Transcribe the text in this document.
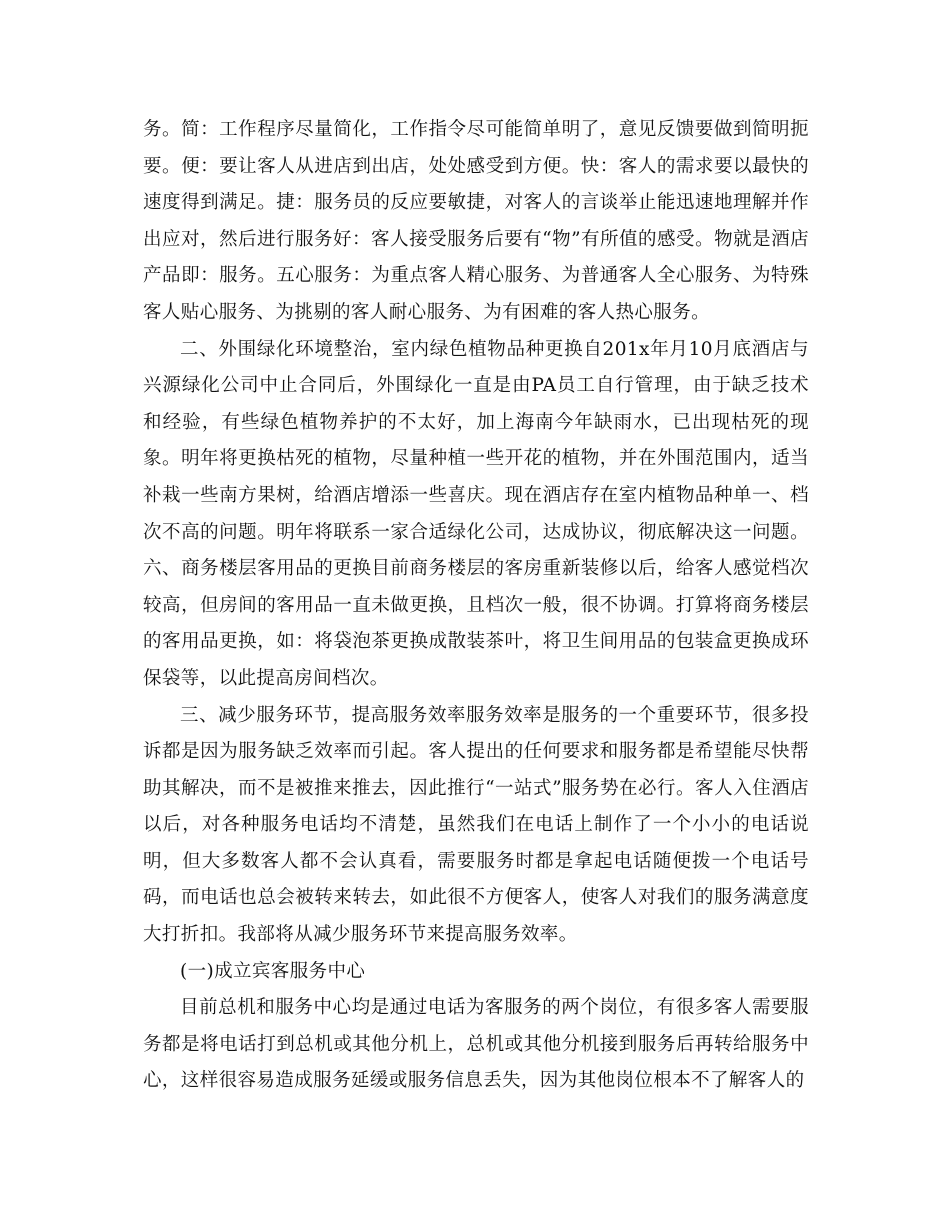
务。简：工作程序尽量简化，工作指令尽可能简单明了，意见反馈要做到简明扼要。便：要让客人从进店到出店，处处感受到方便。快：客人的需求要以最快的速度得到满足。捷：服务员的反应要敏捷，对客人的言谈举止能迅速地理解并作出应对，然后进行服务好：客人接受服务后要有“物”有所值的感受。物就是酒店产品即：服务。五心服务：为重点客人精心服务、为普通客人全心服务、为特殊客人贴心服务、为挑剔的客人耐心服务、为有困难的客人热心服务。

二、外围绿化环境整治，室内绿色植物品种更换自201x年月10月底酒店与兴源绿化公司中止合同后，外围绿化一直是由PA员工自行管理，由于缺乏技术和经验，有些绿色植物养护的不太好，加上海南今年缺雨水，已出现枯死的现象。明年将更换枯死的植物，尽量种植一些开花的植物，并在外围范围内，适当补栽一些南方果树，给酒店增添一些喜庆。现在酒店存在室内植物品种单一、档次不高的问题。明年将联系一家合适绿化公司，达成协议，彻底解决这一问题。六、商务楼层客用品的更换目前商务楼层的客房重新装修以后，给客人感觉档次较高，但房间的客用品一直未做更换，且档次一般，很不协调。打算将商务楼层的客用品更换，如：将袋泡茶更换成散装茶叶，将卫生间用品的包装盒更换成环保袋等，以此提高房间档次。

三、减少服务环节，提高服务效率服务效率是服务的一个重要环节，很多投诉都是因为服务缺乏效率而引起。客人提出的任何要求和服务都是希望能尽快帮助其解决，而不是被推来推去，因此推行“一站式”服务势在必行。客人入住酒店以后，对各种服务电话均不清楚，虽然我们在电话上制作了一个小小的电话说明，但大多数客人都不会认真看，需要服务时都是拿起电话随便拨一个电话号码，而电话也总会被转来转去，如此很不方便客人，使客人对我们的服务满意度大打折扣。我部将从减少服务环节来提高服务效率。

(一)成立宾客服务中心

目前总机和服务中心均是通过电话为客服务的两个岗位，有很多客人需要服务都是将电话打到总机或其他分机上，总机或其他分机接到服务后再转给服务中心，这样很容易造成服务延缓或服务信息丢失，因为其他岗位根本不了解客人的
